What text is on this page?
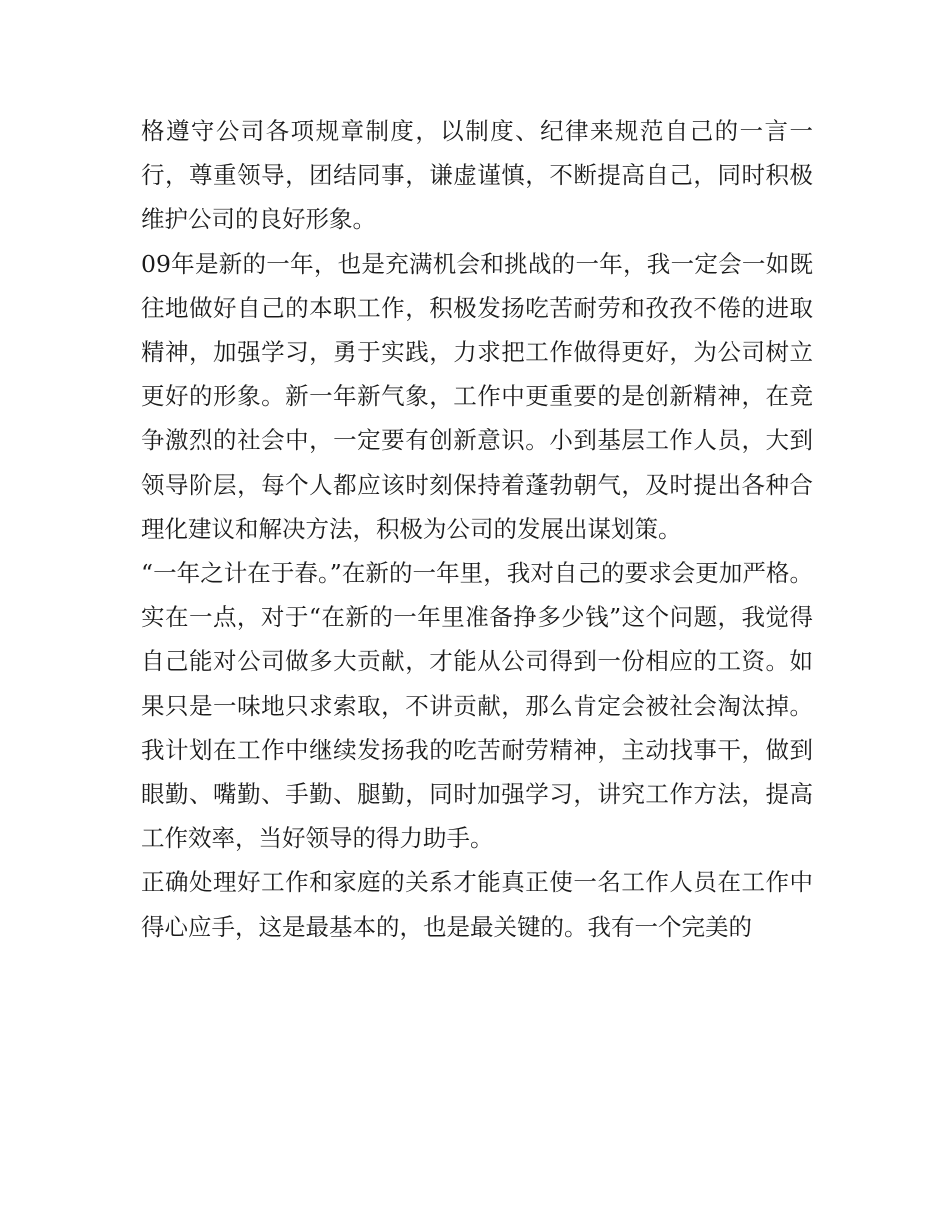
格遵守公司各项规章制度，以制度、纪律来规范自己的一言一行，尊重领导，团结同事，谦虚谨慎，不断提高自己，同时积极维护公司的良好形象。

09年是新的一年，也是充满机会和挑战的一年，我一定会一如既往地做好自己的本职工作，积极发扬吃苦耐劳和孜孜不倦的进取精神，加强学习，勇于实践，力求把工作做得更好，为公司树立更好的形象。新一年新气象，工作中更重要的是创新精神，在竞争激烈的社会中，一定要有创新意识。小到基层工作人员，大到领导阶层，每个人都应该时刻保持着蓬勃朝气，及时提出各种合理化建议和解决方法，积极为公司的发展出谋划策。

“一年之计在于春。”在新的一年里，我对自己的要求会更加严格。实在一点，对于“在新的一年里准备挣多少钱”这个问题，我觉得自己能对公司做多大贡献，才能从公司得到一份相应的工资。如果只是一味地只求索取，不讲贡献，那么肯定会被社会淘汰掉。我计划在工作中继续发扬我的吃苦耐劳精神，主动找事干，做到眼勤、嘴勤、手勤、腿勤，同时加强学习，讲究工作方法，提高工作效率，当好领导的得力助手。

正确处理好工作和家庭的关系才能真正使一名工作人员在工作中得心应手，这是最基本的，也是最关键的。我有一个完美的
